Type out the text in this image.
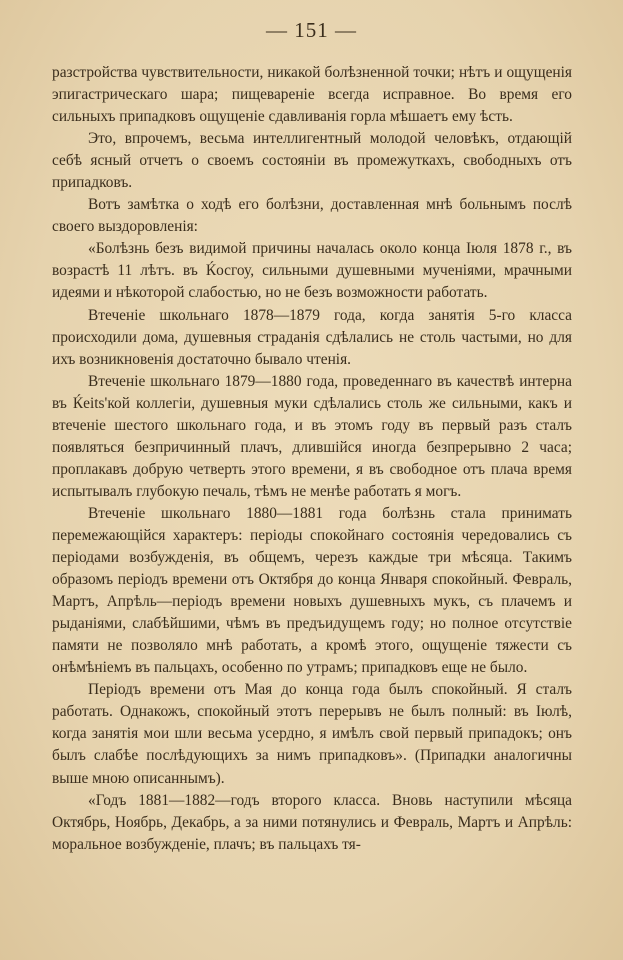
— 151 —

разстройства чувствительности, никакой болѣзненной точки; нѣтъ и ощущенія эпигастрическаго шара; пищевареніе всегда исправное. Во время его сильныхъ припадковъ ощущеніе сдавливанія горла мѣшаетъ ему ѣсть.

Это, впрочемъ, весьма интеллигентный молодой человѣкъ, отдающій себѣ ясный отчетъ о своемъ состояніи въ промежуткахъ, свободныхъ отъ припадковъ.

Вотъ замѣтка о ходѣ его болѣзни, доставленная мнѣ больнымъ послѣ своего выздоровленія:

«Болѣзнь безъ видимой причины началась около конца Іюля 1878 г., въ возрастѣ 11 лѣтъ. въ Ќосгоу, сильными душевными мученіями, мрачными идеями и нѣкоторой слабостью, но не безъ возможности работать.

Втеченіе школьнаго 1878—1879 года, когда занятія 5-го класса происходили дома, душевныя страданія сдѣлались не столь частыми, но для ихъ возникновенія достаточно бывало чтенія.

Втеченіе школьнаго 1879—1880 года, проведеннаго въ качествѣ интерна въ Ќеіts'кой коллегіи, душевныя муки сдѣлались столь же сильными, какъ и втеченіе шестого школьнаго года, и въ этомъ году въ первый разъ сталъ появляться безпричинный плачъ, длившійся иногда безпрерывно 2 часа; проплакавъ добрую четверть этого времени, я въ свободное отъ плача время испытывалъ глубокую печаль, тѣмъ не менѣе работать я могъ.

Втеченіе школьнаго 1880—1881 года болѣзнь стала принимать перемежающійся характеръ: періоды спокойнаго состоянія чередовались съ періодами возбужденія, въ общемъ, черезъ каждые три мѣсяца. Такимъ образомъ періодъ времени отъ Октября до конца Января спокойный. Февраль, Мартъ, Апрѣль—періодъ времени новыхъ душевныхъ мукъ, съ плачемъ и рыданіями, слабѣйшими, чѣмъ въ предъидущемъ году; но полное отсутствіе памяти не позволяло мнѣ работать, а кромѣ этого, ощущеніе тяжести съ онѣмѣніемъ въ пальцахъ, особенно по утрамъ; припадковъ еще не было.

Періодъ времени отъ Мая до конца года былъ спокойный. Я сталъ работать. Однакожъ, спокойный этотъ перерывъ не былъ полный: въ Іюлѣ, когда занятія мои шли весьма усердно, я имѣлъ свой первый припадокъ; онъ былъ слабѣе послѣдующихъ за нимъ припадковъ». (Припадки аналогичны выше мною описаннымъ).

«Годъ 1881—1882—годъ второго класса. Вновь наступили мѣсяца Октябрь, Ноябрь, Декабрь, а за ними потянулись и Февраль, Мартъ и Апрѣль: моральное возбужденіе, плачъ; въ пальцахъ тя-
